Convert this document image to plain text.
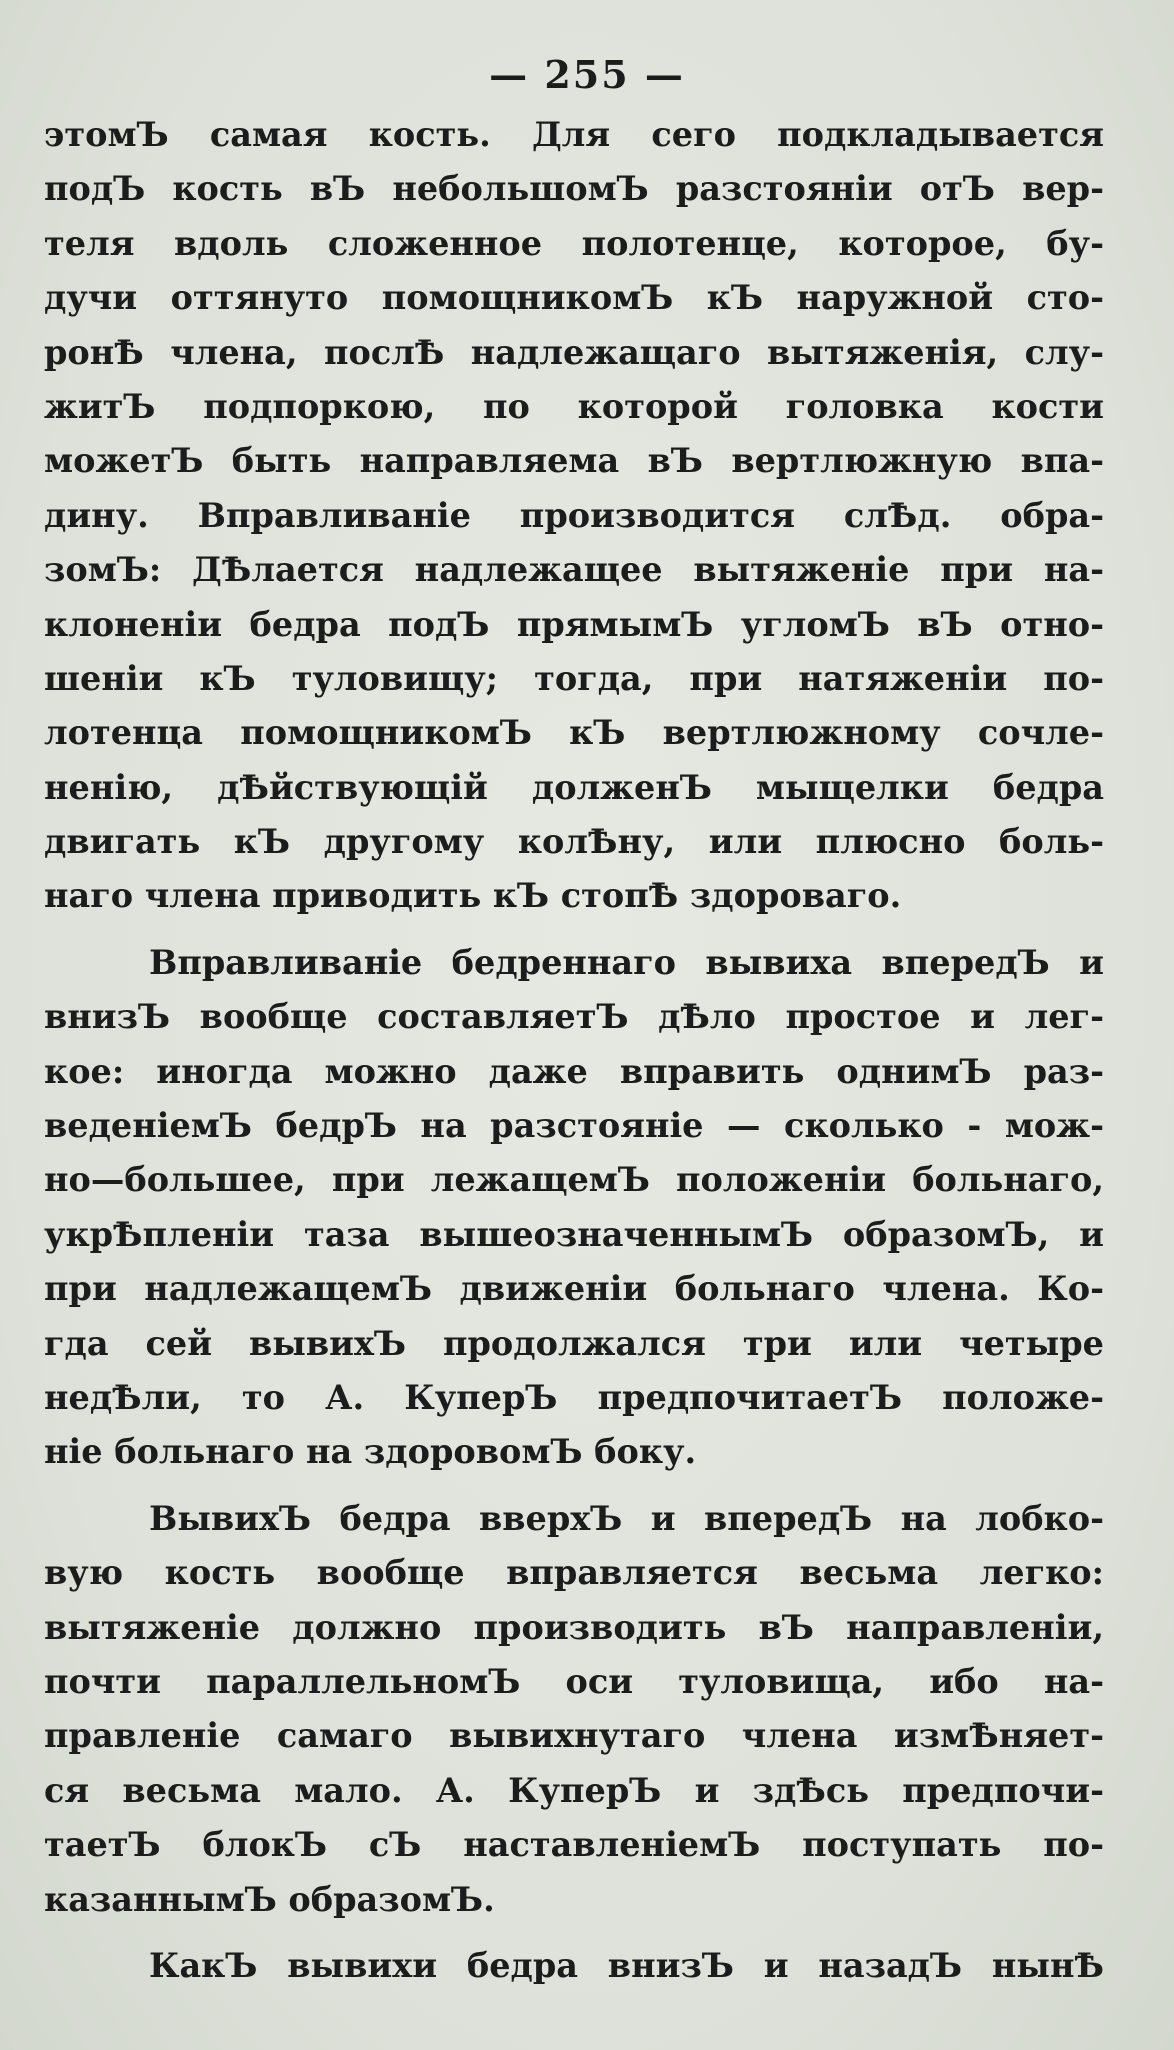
— 255 —
этомЪ самая кость. Для сего подкладывается
подЪ кость вЪ небольшомЪ разстояніи отЪ вер-
теля вдоль сложенное полотенце, которое, бу-
дучи оттянуто помощникомЪ кЪ наружной сто-
ронѢ члена, послѢ надлежащаго вытяженія, слу-
житЪ подпоркою, по которой головка кости
можетЪ быть направляема вЪ вертлюжную впа-
дину. Вправливаніе производится слѢд. обра-
зомЪ: ДѢлается надлежащее вытяженіе при на-
клоненіи бедра подЪ прямымЪ угломЪ вЪ отно-
шеніи кЪ туловищу; тогда, при натяженіи по-
лотенца помощникомЪ кЪ вертлюжному сочле-
ненію, дѢйствующій долженЪ мыщелки бедра
двигать кЪ другому колѢну, или плюсно боль-
наго члена приводить кЪ стопѢ здороваго.
Вправливаніе бедреннаго вывиха впередЪ и
внизЪ вообще составляетЪ дѢло простое и лег-
кое: иногда можно даже вправить однимЪ раз-
веденіемЪ бедрЪ на разстояніе — сколько - мож-
но—большее, при лежащемЪ положеніи больнаго,
укрѢпленіи таза вышеозначеннымЪ образомЪ, и
при надлежащемЪ движеніи больнаго члена. Ко-
гда сей вывихЪ продолжался три или четыре
недѢли, то А. КуперЪ предпочитаетЪ положе-
ніе больнаго на здоровомЪ боку.
ВывихЪ бедра вверхЪ и впередЪ на лобко-
вую кость вообще вправляется весьма легко:
вытяженіе должно производить вЪ направленіи,
почти параллельномЪ оси туловища, ибо на-
правленіе самаго вывихнутаго члена измѢняет-
ся весьма мало. А. КуперЪ и здѢсь предпочи-
таетЪ блокЪ сЪ наставленіемЪ поступать по-
казаннымЪ образомЪ.
КакЪ вывихи бедра внизЪ и назадЪ нынѢ
